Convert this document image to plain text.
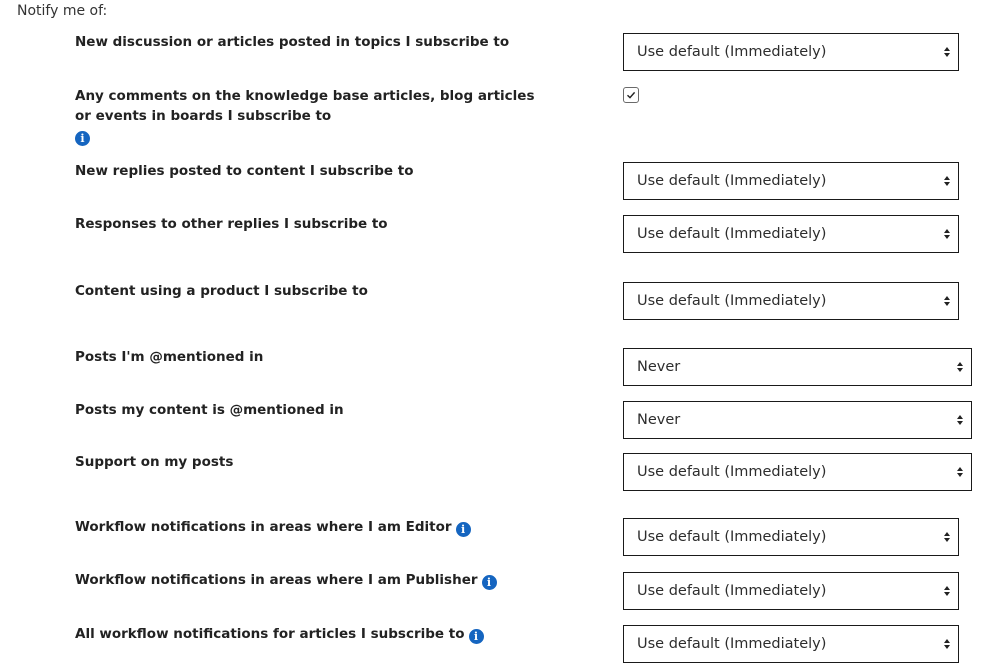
Notify me of:
New discussion or articles posted in topics I subscribe to
Use default (Immediately)
Any comments on the knowledge base articles, blog articles or events in boards I subscribe to
i
New replies posted to content I subscribe to
Use default (Immediately)
Responses to other replies I subscribe to
Use default (Immediately)
Content using a product I subscribe to
Use default (Immediately)
Posts I'm @mentioned in
Never
Posts my content is @mentioned in
Never
Support on my posts
Use default (Immediately)
Workflow notifications in areas where I am Editor i	Use default (Immediately)
Workflow notifications in areas where I am Publisher i
Use default (Immediately)
All workflow notifications for articles I subscribe to i	Use default (Immediately)
